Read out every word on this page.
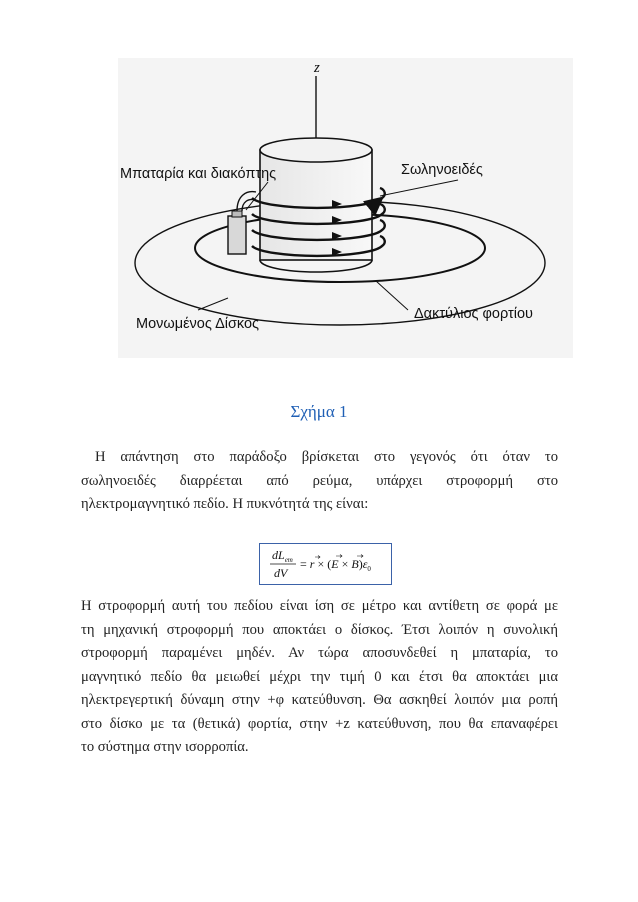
z
Μπαταρία και διακόπτης	Σωληνοειδές
Μονωμένος Δίσκος
Δακτύλιος φορτίου
Σχήμα 1
Η απάντηση στο παράδοξο βρίσκεται στο γεγονός ότι όταν το
σωληνοειδές διαρρέεται από ρεύμα, υπάρχει στροφορμή στο
ηλεκτρομαγνητικό πεδίο. Η πυκνότητά της είναι:
$dL_{em}$
dV
= $r \times (E \times B)\varepsilon_0$
Η στροφορμή αυτή του πεδίου είναι ίση σε μέτρο και αντίθετη σε φορά με
τη μηχανική στροφορμή που αποκτάει ο δίσκος. Έτσι λοιπόν η συνολική
στροφορμή παραμένει μηδέν. Αν τώρα αποσυνδεθεί η μπαταρία, το
μαγνητικό πεδίο θα μειωθεί μέχρι την τιμή 0 και έτσι θα αποκτάει μια
ηλεκτρεγερτική δύναμη στην +φ κατεύθυνση. Θα ασκηθεί λοιπόν μια ροπή
στο δίσκο με τα (θετικά) φορτία, στην +z κατεύθυνση, που θα επαναφέρει
το σύστημα στην ισορροπία.
